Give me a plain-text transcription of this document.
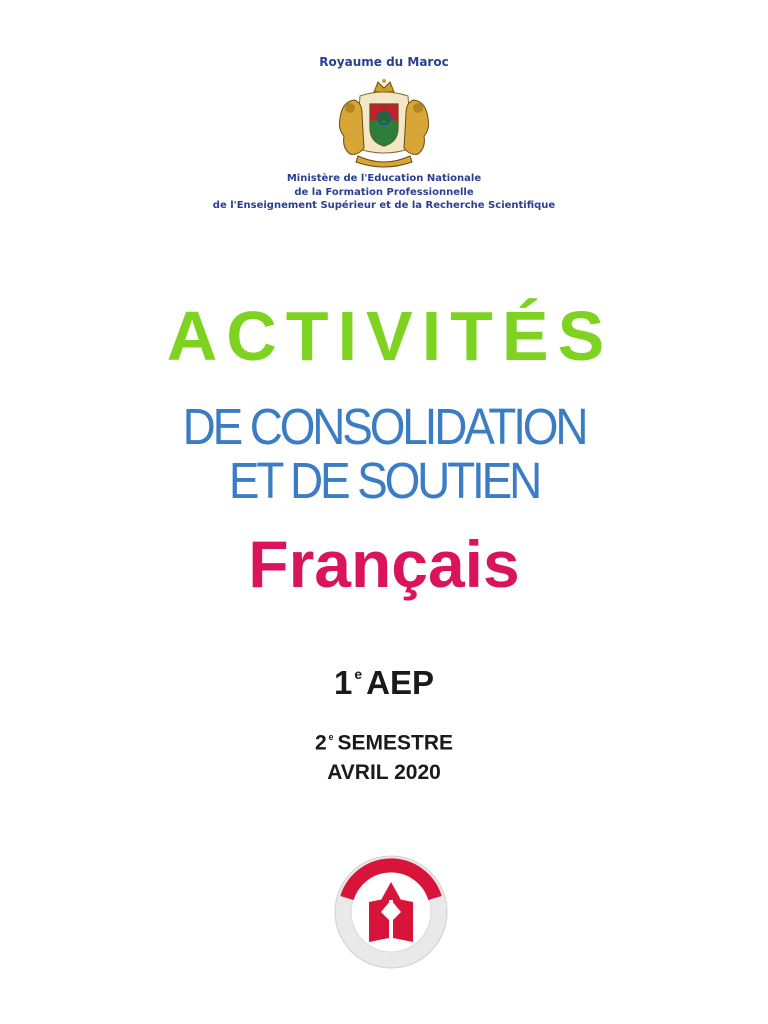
Royaume du Maroc
Ministère de l'Education Nationale
de la Formation Professionnelle
de l'Enseignement Supérieur et de la Recherche Scientifique
ACTIVITÉS
DE CONSOLIDATION
ET DE SOUTIEN
Français
1 $^e$ AEP
2 $^e$ SEMESTRE
AVRIL 2020
